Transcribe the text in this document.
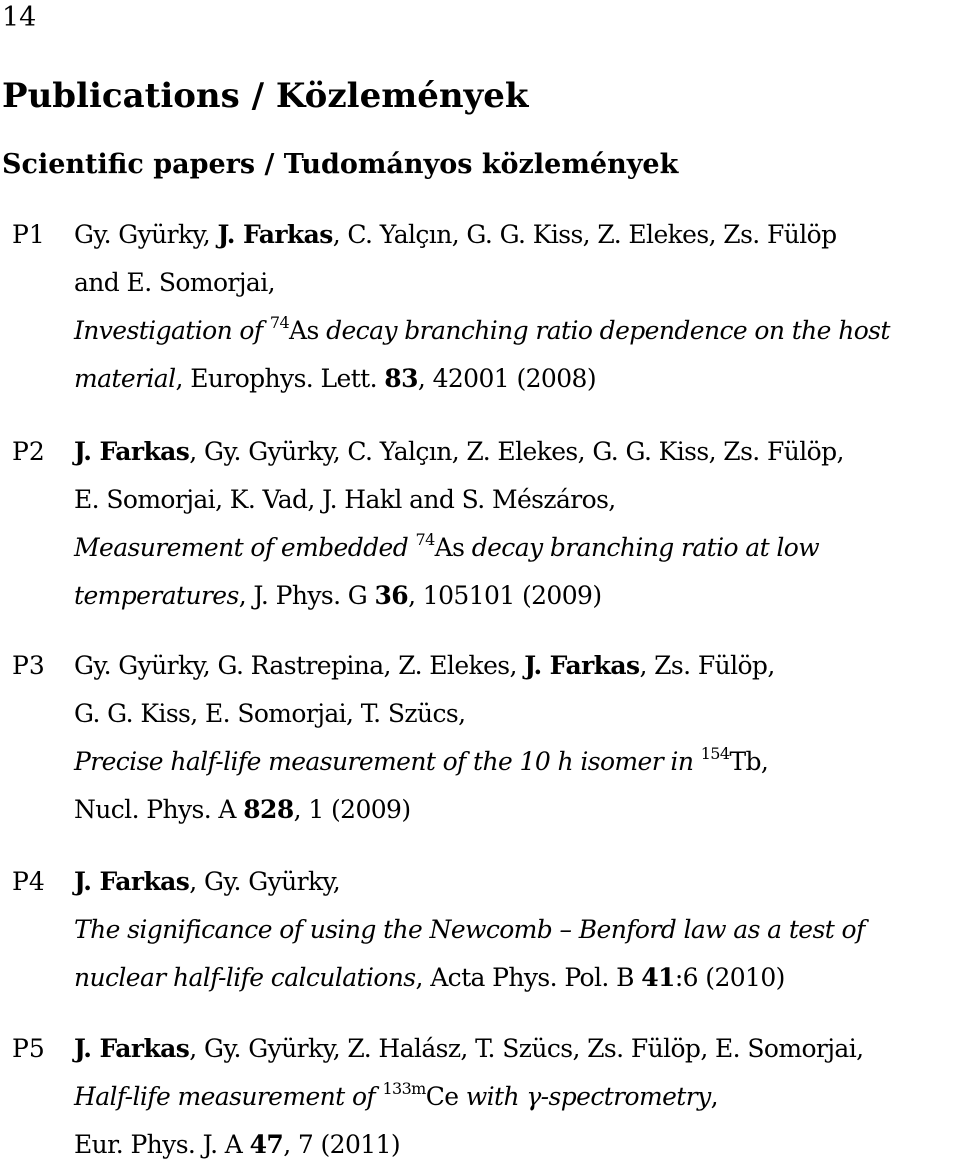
14
Publications / Közlemények
Scientific papers / Tudományos közlemények
P1 Gy. Gyürky, J. Farkas, C. Yalçın, G. G. Kiss, Z. Elekes, Zs. Fülöp
and E. Somorjai,
Investigation of $^{74}$As decay branching ratio dependence on the host
material, Europhys. Lett. 83, 42001 (2008)
P2 J. Farkas, Gy. Gyürky, C. Yalçın, Z. Elekes, G. G. Kiss, Zs. Fülöp,
E. Somorjai, K. Vad, J. Hakl and S. Mészáros,
Measurement of embedded $^{74}$As decay branching ratio at low
temperatures, J. Phys. G 36, 105101 (2009)
P3 Gy. Gyürky, G. Rastrepina, Z. Elekes, J. Farkas, Zs. Fülöp,
G. G. Kiss, E. Somorjai, T. Szücs,
Precise half-life measurement of the 10 h isomer in $^{154}$Tb,
Nucl. Phys. A 828, 1 (2009)
P4 J. Farkas, Gy. Gyürky,
The significance of using the Newcomb – Benford law as a test of
nuclear half-life calculations, Acta Phys. Pol. B 41:6 (2010)
P5 J. Farkas, Gy. Gyürky, Z. Halász, T. Szücs, Zs. Fülöp, E. Somorjai,
Half-life measurement of $^{133m}$Ce with γ-spectrometry,
Eur. Phys. J. A 47, 7 (2011)
